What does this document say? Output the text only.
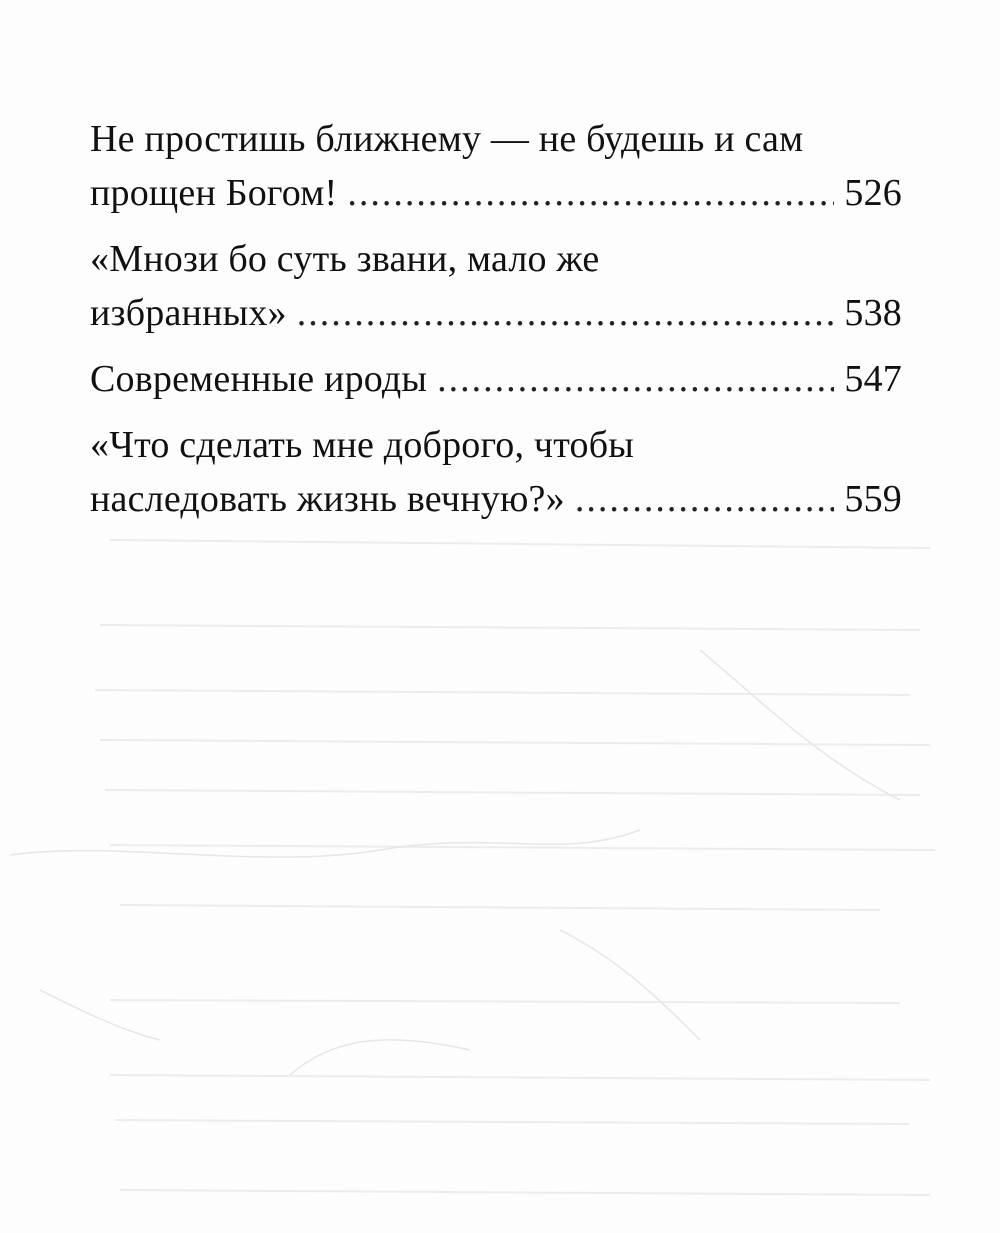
Не простишь ближнему — не будешь и сам
прощен Богом! .....	526
«Мнози бо суть звани, мало же
избранных» .....	538
Современные ироды .....	547
«Что сделать мне доброго, чтобы
наследовать жизнь вечную?» .....	559
